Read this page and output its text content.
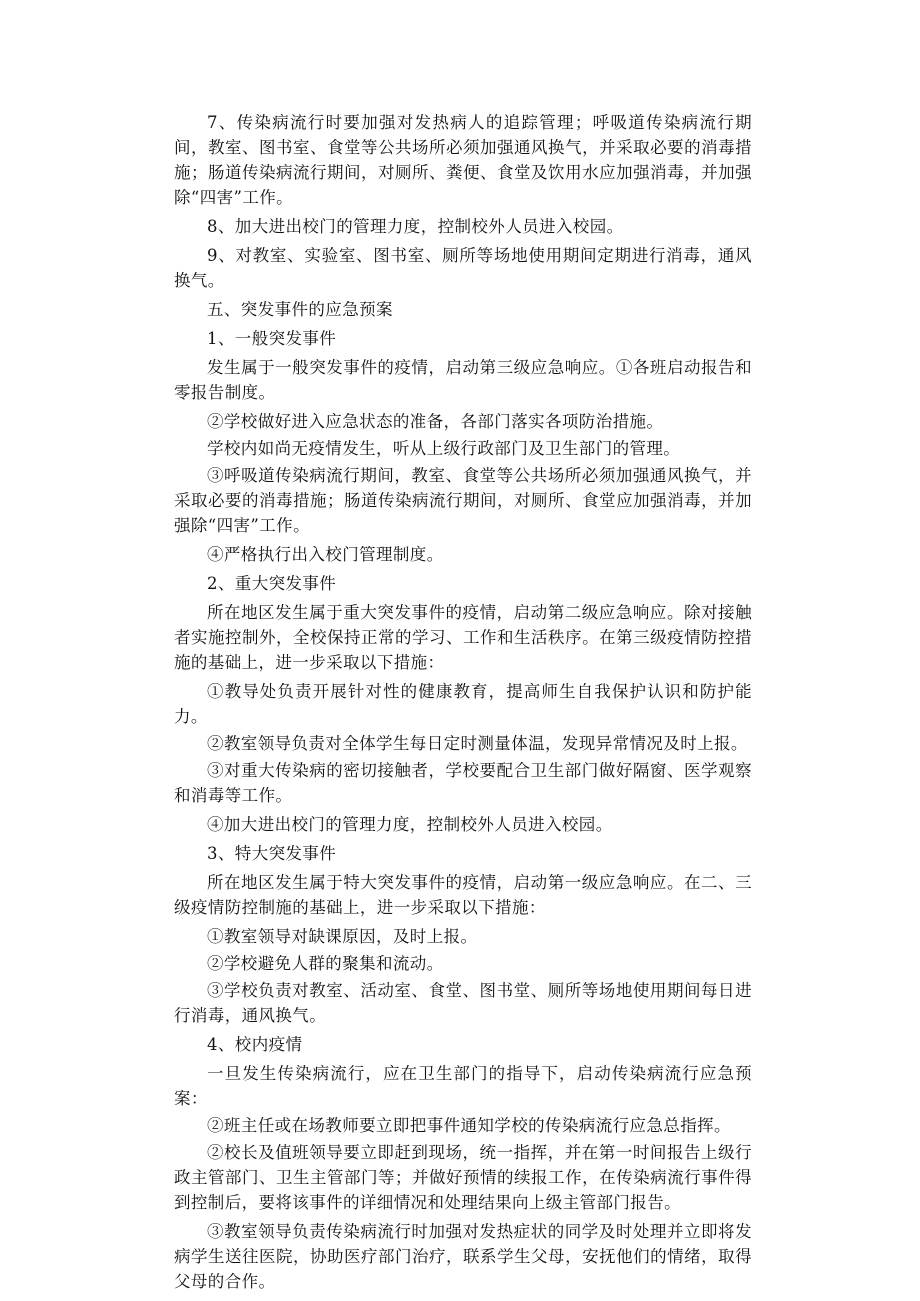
7、传染病流行时要加强对发热病人的追踪管理；呼吸道传染病流行期间，教室、图书室、食堂等公共场所必须加强通风换气，并采取必要的消毒措施；肠道传染病流行期间，对厕所、粪便、食堂及饮用水应加强消毒，并加强除“四害”工作。

8、加大进出校门的管理力度，控制校外人员进入校园。

9、对教室、实验室、图书室、厕所等场地使用期间定期进行消毒，通风换气。

五、突发事件的应急预案

1、一般突发事件

发生属于一般突发事件的疫情，启动第三级应急响应。①各班启动报告和零报告制度。

②学校做好进入应急状态的准备，各部门落实各项防治措施。

学校内如尚无疫情发生，听从上级行政部门及卫生部门的管理。

③呼吸道传染病流行期间，教室、食堂等公共场所必须加强通风换气，并采取必要的消毒措施；肠道传染病流行期间，对厕所、食堂应加强消毒，并加强除“四害”工作。

④严格执行出入校门管理制度。

2、重大突发事件

所在地区发生属于重大突发事件的疫情，启动第二级应急响应。除对接触者实施控制外，全校保持正常的学习、工作和生活秩序。在第三级疫情防控措施的基础上，进一步采取以下措施：

①教导处负责开展针对性的健康教育，提高师生自我保护认识和防护能力。

②教室领导负责对全体学生每日定时测量体温，发现异常情况及时上报。

③对重大传染病的密切接触者，学校要配合卫生部门做好隔窗、医学观察和消毒等工作。

④加大进出校门的管理力度，控制校外人员进入校园。

3、特大突发事件

所在地区发生属于特大突发事件的疫情，启动第一级应急响应。在二、三级疫情防控制施的基础上，进一步采取以下措施：

①教室领导对缺课原因，及时上报。

②学校避免人群的聚集和流动。

③学校负责对教室、活动室、食堂、图书堂、厕所等场地使用期间每日进行消毒，通风换气。

4、校内疫情

一旦发生传染病流行，应在卫生部门的指导下，启动传染病流行应急预案：

②班主任或在场教师要立即把事件通知学校的传染病流行应急总指挥。

②校长及值班领导要立即赶到现场，统一指挥，并在第一时间报告上级行政主管部门、卫生主管部门等；并做好预情的续报工作，在传染病流行事件得到控制后，要将该事件的详细情况和处理结果向上级主管部门报告。

③教室领导负责传染病流行时加强对发热症状的同学及时处理并立即将发病学生送往医院，协助医疗部门治疗，联系学生父母，安抚他们的情绪，取得父母的合作。
